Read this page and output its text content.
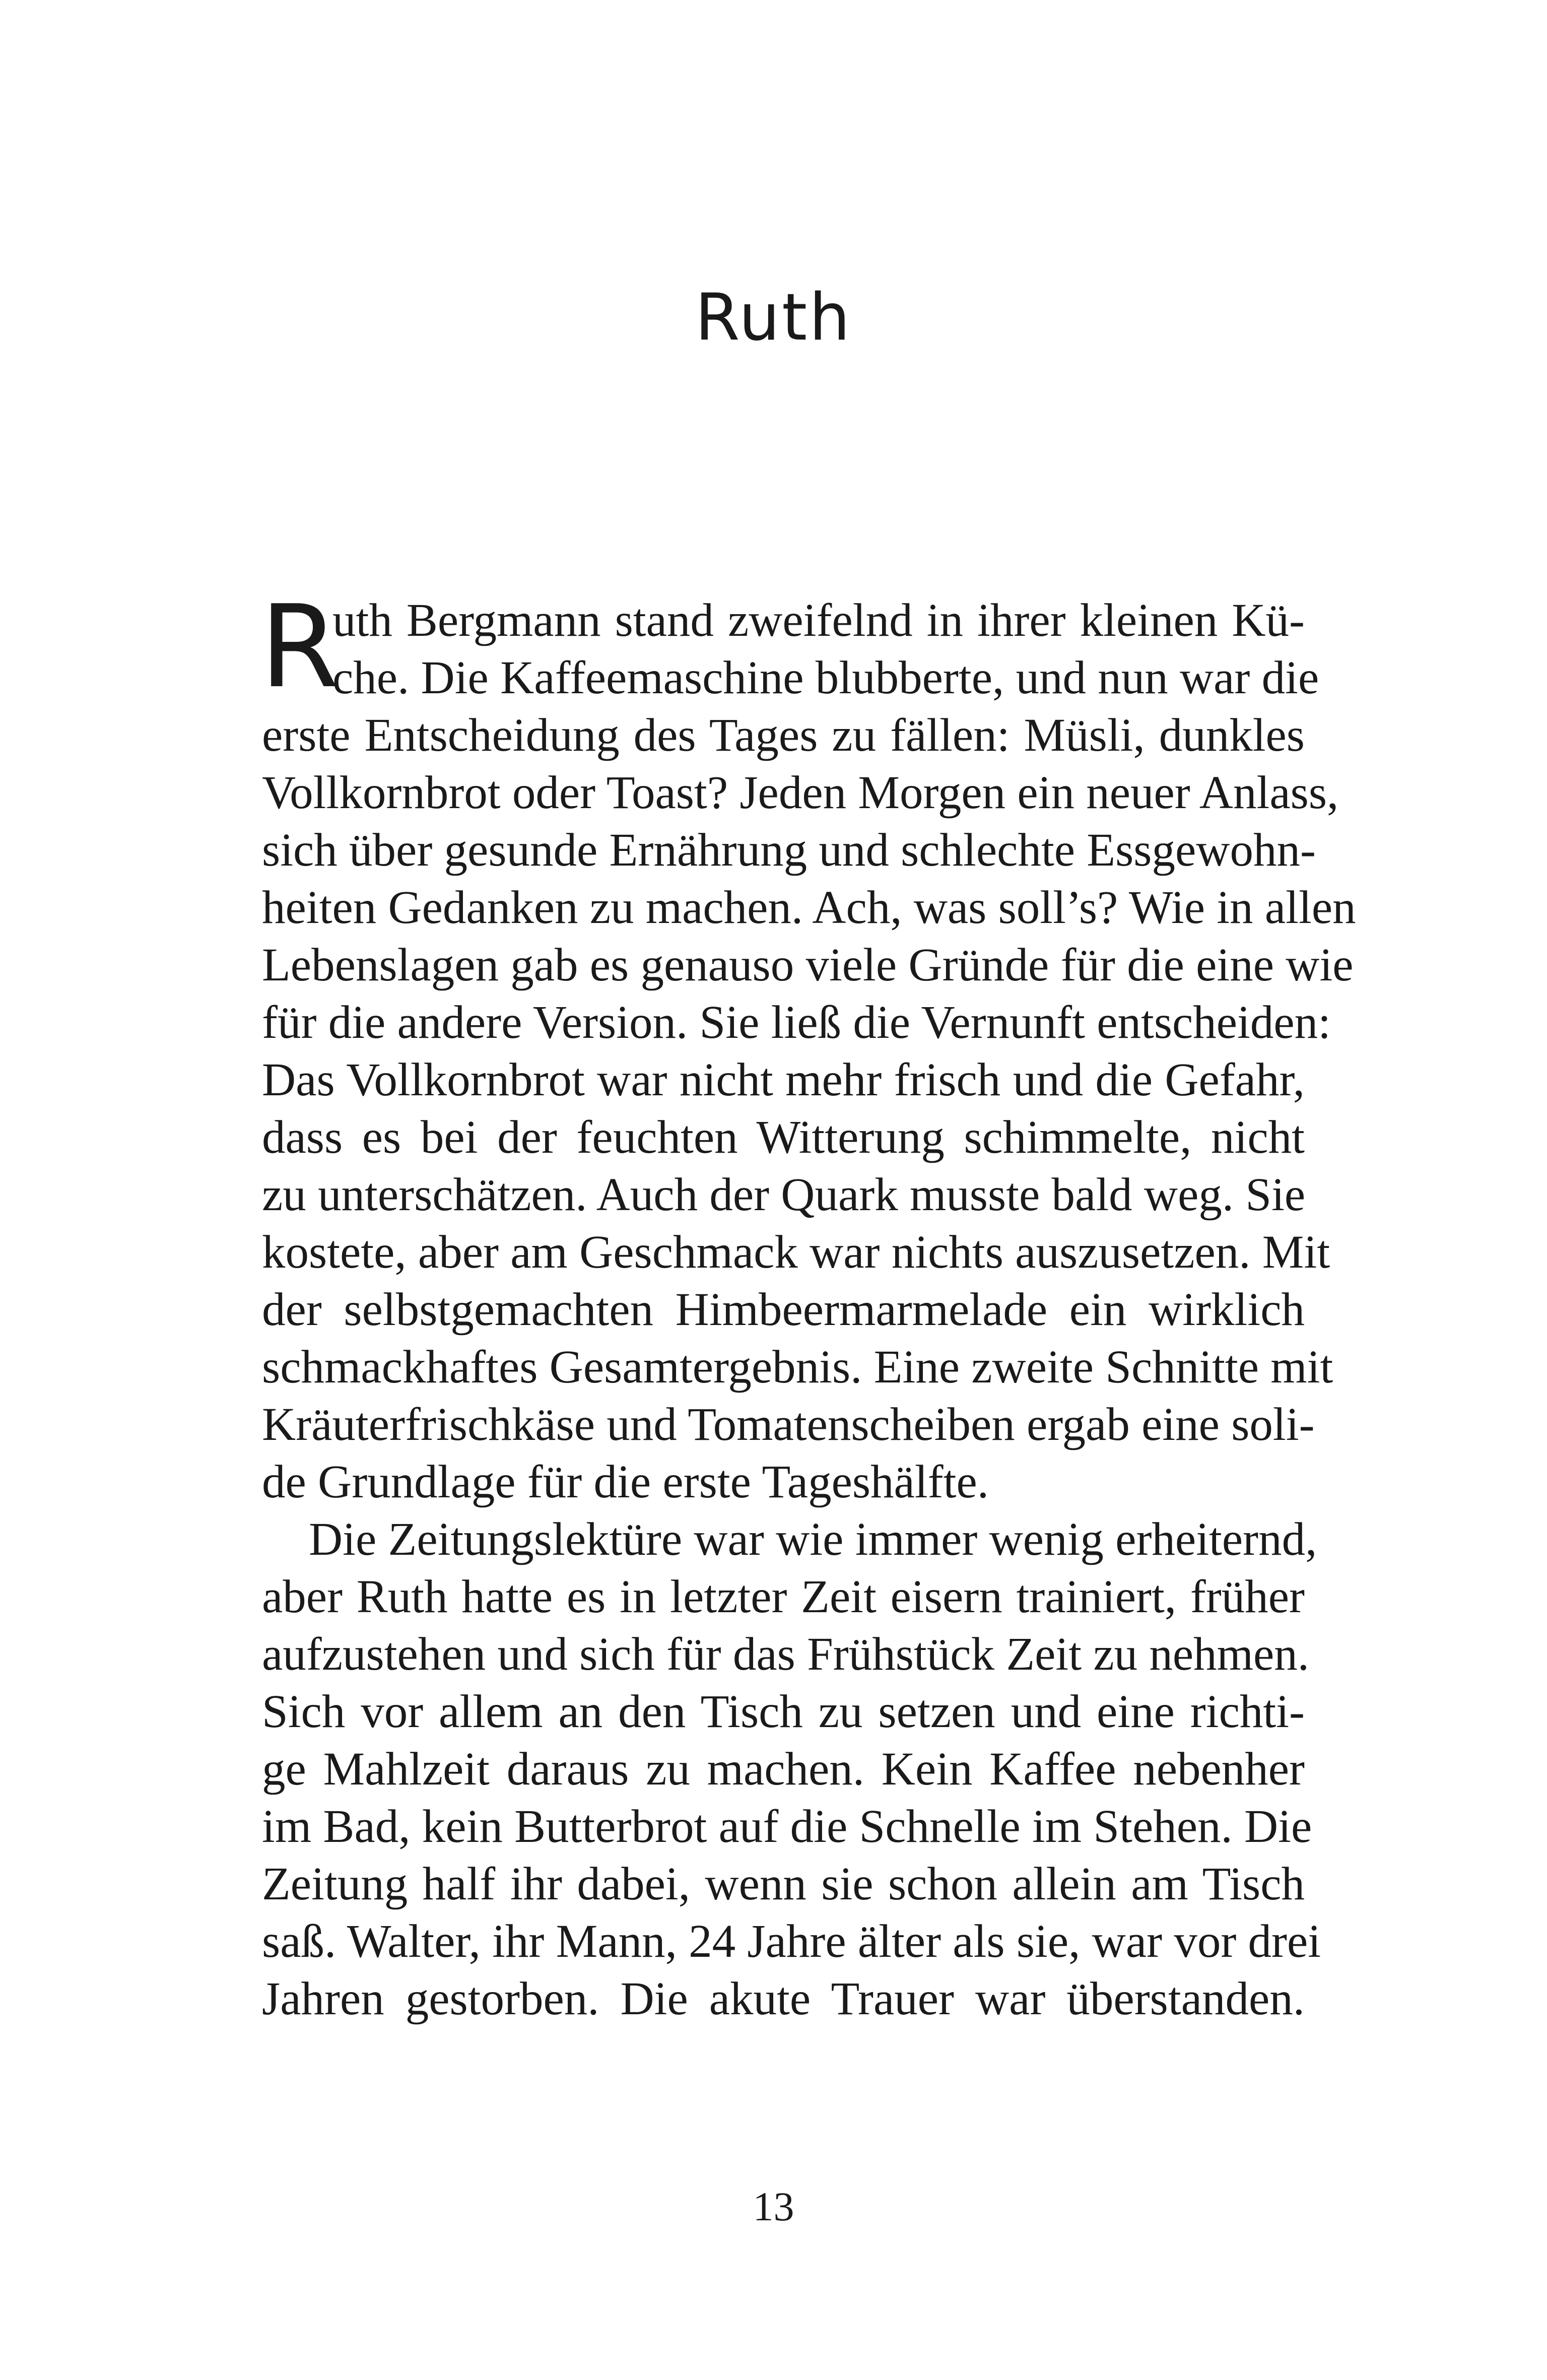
Ruth
R
uth Bergmann stand zweifelnd in ihrer kleinen Kü-
che. Die Kaffeemaschine blubberte, und nun war die
erste Entscheidung des Tages zu fällen: Müsli, dunkles
Vollkornbrot oder Toast? Jeden Morgen ein neuer Anlass,
sich über gesunde Ernährung und schlechte Essgewohn-
heiten Gedanken zu machen. Ach, was soll’s? Wie in allen
Lebenslagen gab es genauso viele Gründe für die eine wie
für die andere Version. Sie ließ die Vernunft entscheiden:
Das Vollkornbrot war nicht mehr frisch und die Gefahr,
dass es bei der feuchten Witterung schimmelte, nicht
zu unterschätzen. Auch der Quark musste bald weg. Sie
kostete, aber am Geschmack war nichts auszusetzen. Mit
der selbstgemachten Himbeermarmelade ein wirklich
schmackhaftes Gesamtergebnis. Eine zweite Schnitte mit
Kräuterfrischkäse und Tomatenscheiben ergab eine soli-
de Grundlage für die erste Tageshälfte.
Die Zeitungslektüre war wie immer wenig erheiternd,
aber Ruth hatte es in letzter Zeit eisern trainiert, früher
aufzustehen und sich für das Frühstück Zeit zu nehmen.
Sich vor allem an den Tisch zu setzen und eine richti-
ge Mahlzeit daraus zu machen. Kein Kaffee nebenher
im Bad, kein Butterbrot auf die Schnelle im Stehen. Die
Zeitung half ihr dabei, wenn sie schon allein am Tisch
saß. Walter, ihr Mann, 24 Jahre älter als sie, war vor drei
Jahren gestorben. Die akute Trauer war überstanden.
13
